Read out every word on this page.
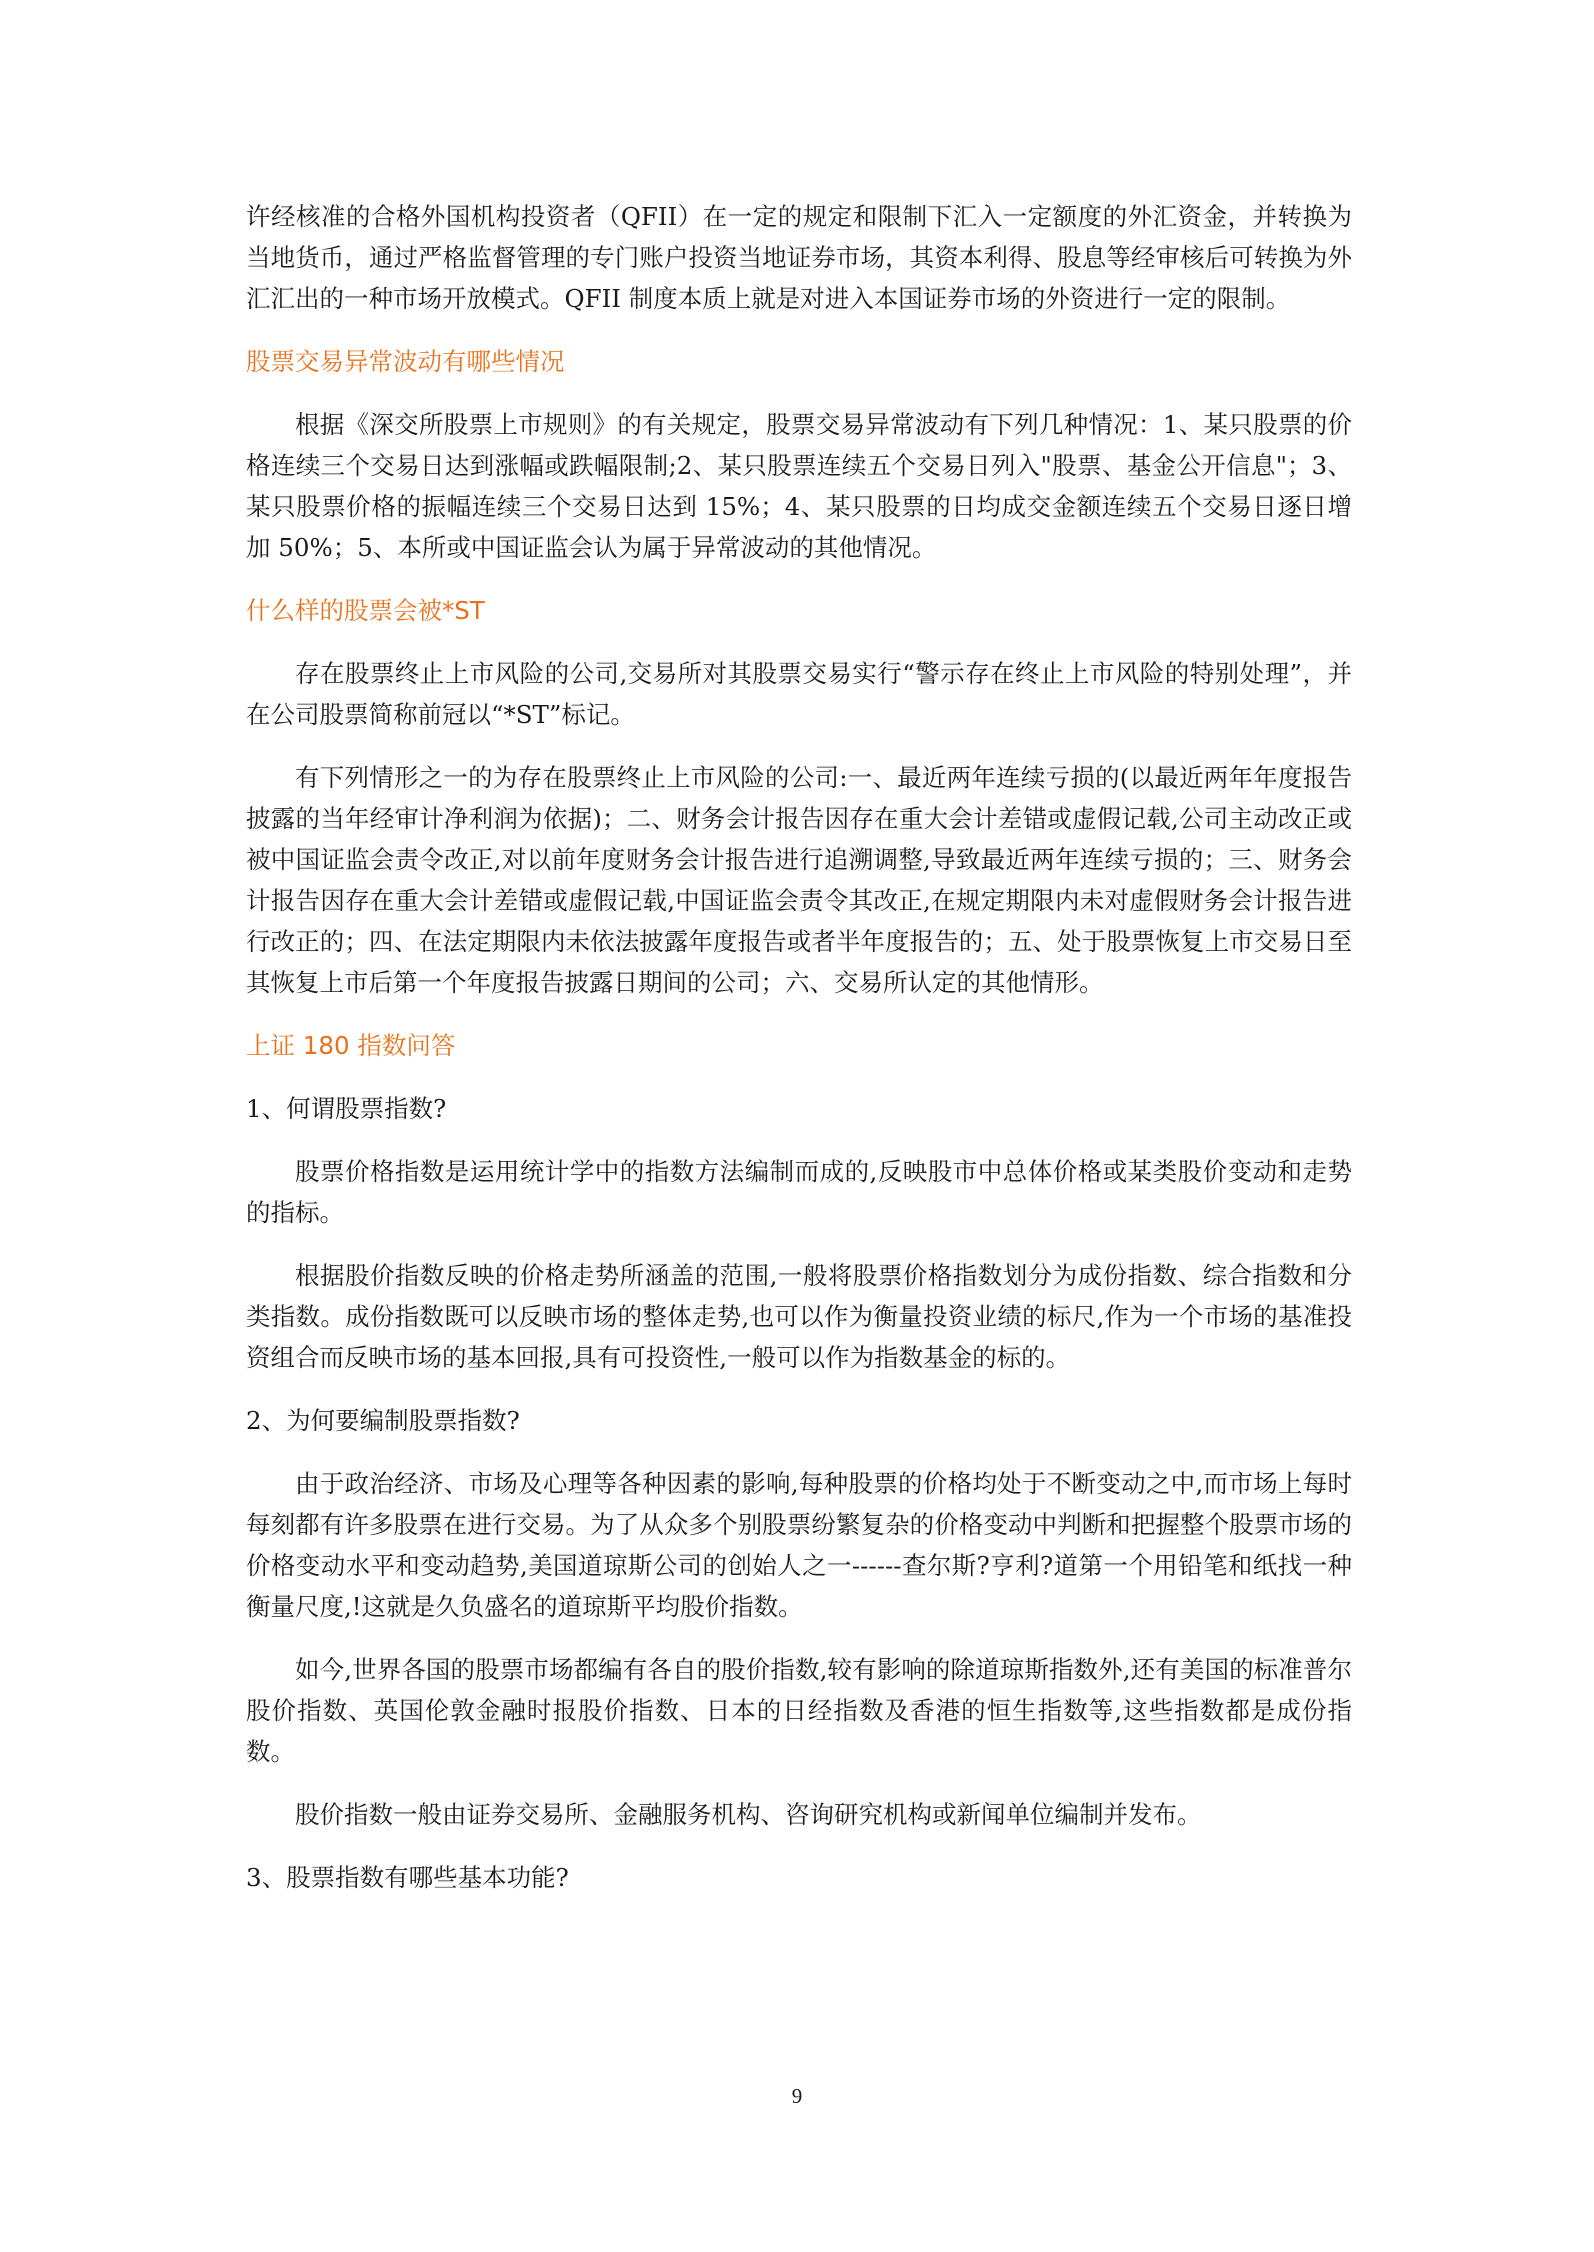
许经核准的合格外国机构投资者（QFII）在一定的规定和限制下汇入一定额度的外汇资金，并转换为当地货币，通过严格监督管理的专门账户投资当地证券市场，其资本利得、股息等经审核后可转换为外汇汇出的一种市场开放模式。QFII 制度本质上就是对进入本国证券市场的外资进行一定的限制。

股票交易异常波动有哪些情况

根据《深交所股票上市规则》的有关规定，股票交易异常波动有下列几种情况：1、某只股票的价格连续三个交易日达到涨幅或跌幅限制;2、某只股票连续五个交易日列入"股票、基金公开信息"；3、某只股票价格的振幅连续三个交易日达到 15%；4、某只股票的日均成交金额连续五个交易日逐日增加 50%；5、本所或中国证监会认为属于异常波动的其他情况。

什么样的股票会被*ST

存在股票终止上市风险的公司,交易所对其股票交易实行“警示存在终止上市风险的特别处理”，并在公司股票简称前冠以“*ST”标记。

有下列情形之一的为存在股票终止上市风险的公司:一、最近两年连续亏损的(以最近两年年度报告披露的当年经审计净利润为依据)；二、财务会计报告因存在重大会计差错或虚假记载,公司主动改正或被中国证监会责令改正,对以前年度财务会计报告进行追溯调整,导致最近两年连续亏损的；三、财务会计报告因存在重大会计差错或虚假记载,中国证监会责令其改正,在规定期限内未对虚假财务会计报告进行改正的；四、在法定期限内未依法披露年度报告或者半年度报告的；五、处于股票恢复上市交易日至其恢复上市后第一个年度报告披露日期间的公司；六、交易所认定的其他情形。

上证 180 指数问答

1、何谓股票指数?

股票价格指数是运用统计学中的指数方法编制而成的,反映股市中总体价格或某类股价变动和走势的指标。

根据股价指数反映的价格走势所涵盖的范围,一般将股票价格指数划分为成份指数、综合指数和分类指数。成份指数既可以反映市场的整体走势,也可以作为衡量投资业绩的标尺,作为一个市场的基准投资组合而反映市场的基本回报,具有可投资性,一般可以作为指数基金的标的。

2、为何要编制股票指数?

由于政治经济、市场及心理等各种因素的影响,每种股票的价格均处于不断变动之中,而市场上每时每刻都有许多股票在进行交易。为了从众多个别股票纷繁复杂的价格变动中判断和把握整个股票市场的价格变动水平和变动趋势,美国道琼斯公司的创始人之一------查尔斯?亨利?道第一个用铅笔和纸找一种衡量尺度,!这就是久负盛名的道琼斯平均股价指数。

如今,世界各国的股票市场都编有各自的股价指数,较有影响的除道琼斯指数外,还有美国的标准普尔股价指数、英国伦敦金融时报股价指数、日本的日经指数及香港的恒生指数等,这些指数都是成份指数。

股价指数一般由证券交易所、金融服务机构、咨询研究机构或新闻单位编制并发布。

3、股票指数有哪些基本功能?

9
